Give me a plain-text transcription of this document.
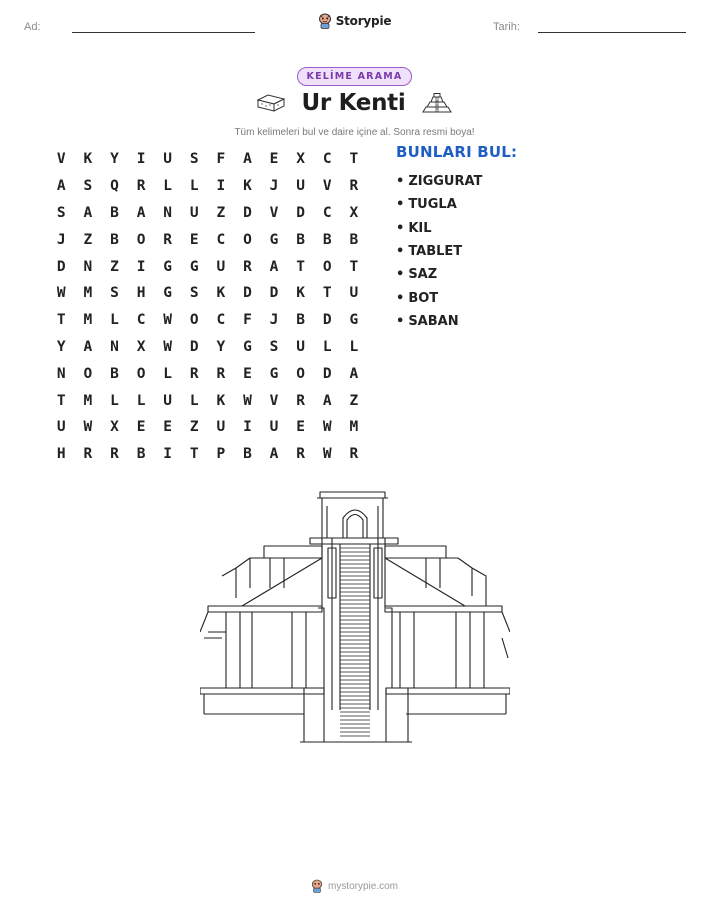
Ad:	Storypie	Tarih:
KELİME ARAMA
Ur Kenti
Tüm kelimeleri bul ve daire içine al. Sonra resmi boya!
V	K	Y	I	U	S	F	A	E	X	C	T
A	S	Q	R	L	L	I	K	J	U	V	R
S	A	B	A	N	U	Z	D	V	D	C	X
J	Z	B	O	R	E	C	O	G	B	B	B
D	N	Z	I	G	G	U	R	A	T	O	T
W	M	S	H	G	S	K	D	D	K	T	U
T	M	L	C	W	O	C	F	J	B	D	G
Y	A	N	X	W	D	Y	G	S	U	L	L
N	O	B	O	L	R	R	E	G	O	D	A
T	M	L	L	U	L	K	W	V	R	A	Z
U	W	X	E	E	Z	U	I	U	E	W	M
H	R	R	B	I	T	P	B	A	R	W	R
BUNLARI BUL:
• ZIGGURAT
• TUGLA
• KIL
• TABLET
• SAZ
• BOT
• SABAN
mystorypie.com
